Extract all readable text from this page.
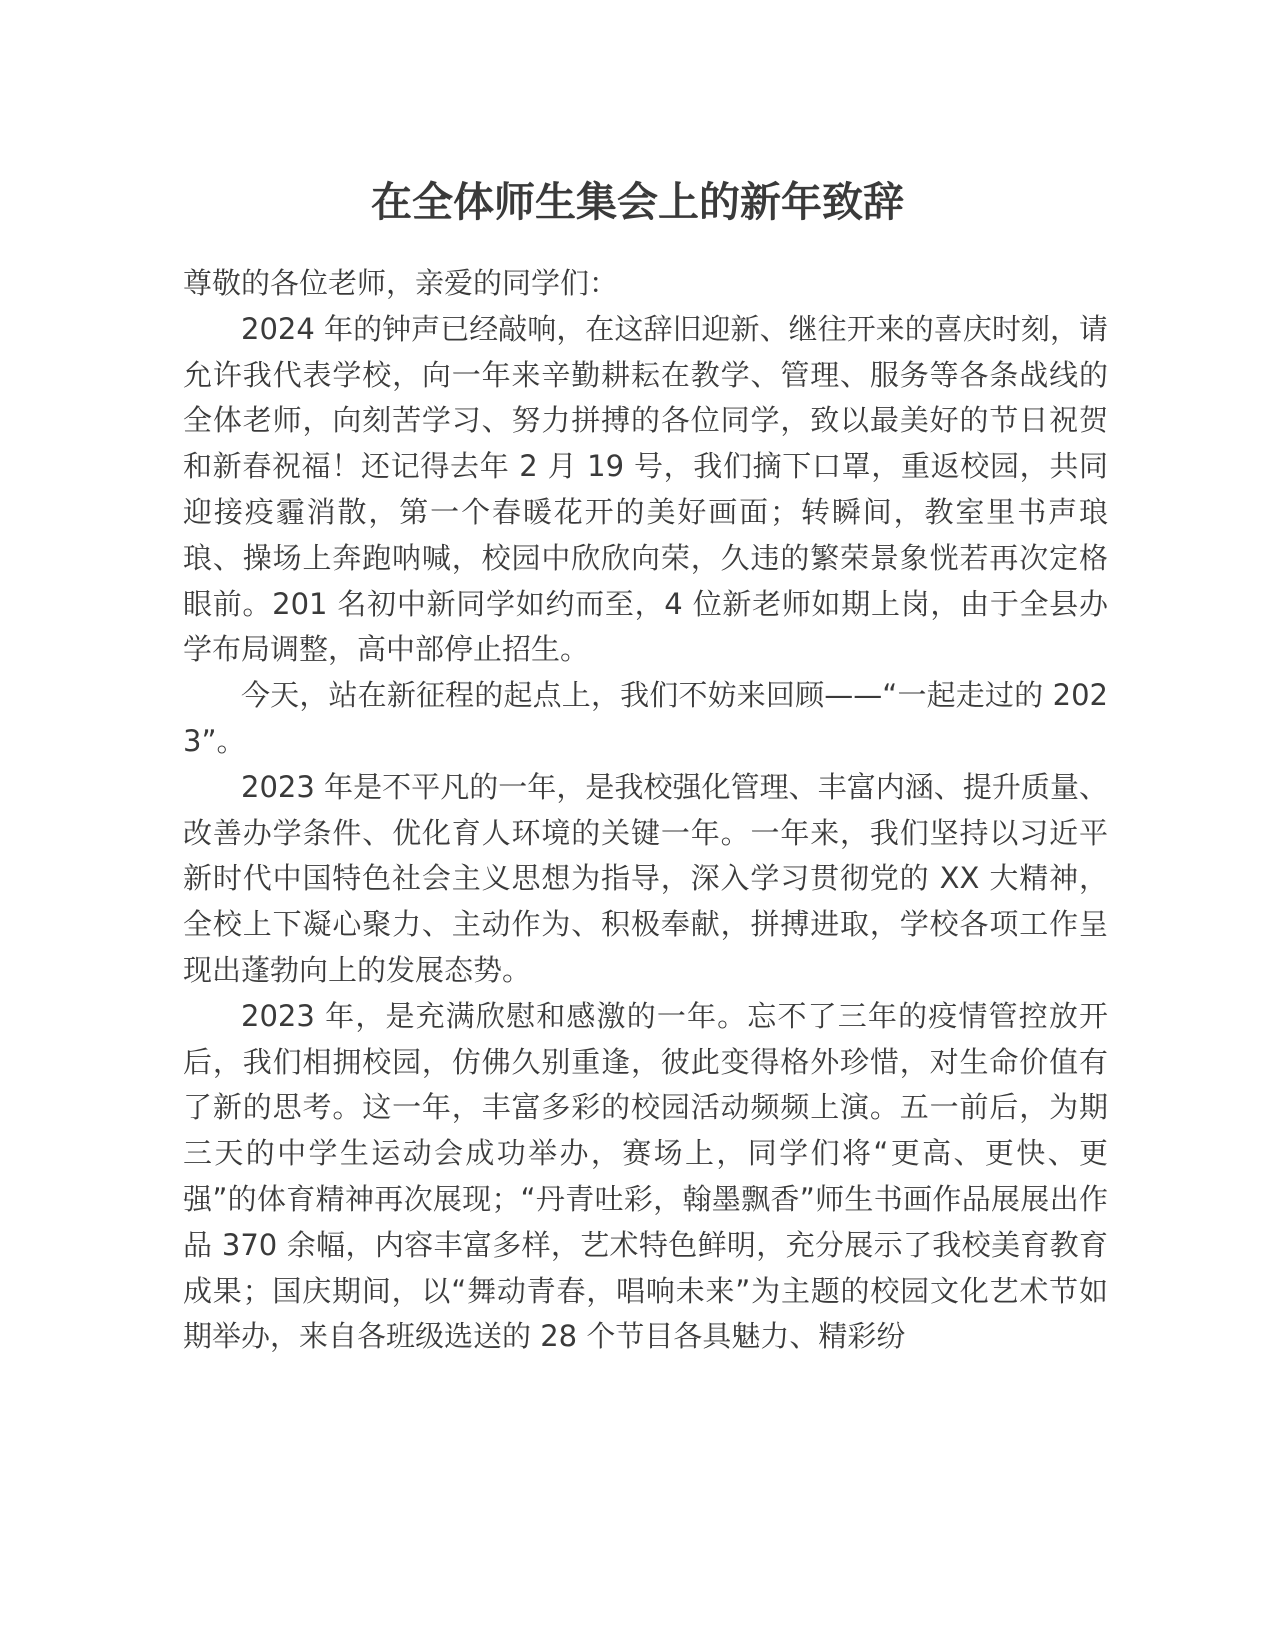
在全体师生集会上的新年致辞

尊敬的各位老师，亲爱的同学们：

2024 年的钟声已经敲响，在这辞旧迎新、继往开来的喜庆时刻，请允许我代表学校，向一年来辛勤耕耘在教学、管理、服务等各条战线的全体老师，向刻苦学习、努力拼搏的各位同学，致以最美好的节日祝贺和新春祝福！还记得去年 2 月 19 号，我们摘下口罩，重返校园，共同迎接疫霾消散，第一个春暖花开的美好画面；转瞬间，教室里书声琅琅、操场上奔跑呐喊，校园中欣欣向荣，久违的繁荣景象恍若再次定格眼前。201 名初中新同学如约而至，4 位新老师如期上岗，由于全县办学布局调整，高中部停止招生。

今天，站在新征程的起点上，我们不妨来回顾——“一起走过的 2023”。

2023 年是不平凡的一年，是我校强化管理、丰富内涵、提升质量、改善办学条件、优化育人环境的关键一年。一年来，我们坚持以习近平新时代中国特色社会主义思想为指导，深入学习贯彻党的 XX 大精神，全校上下凝心聚力、主动作为、积极奉献，拼搏进取，学校各项工作呈现出蓬勃向上的发展态势。

2023 年，是充满欣慰和感激的一年。忘不了三年的疫情管控放开后，我们相拥校园，仿佛久别重逢，彼此变得格外珍惜，对生命价值有了新的思考。这一年，丰富多彩的校园活动频频上演。五一前后，为期三天的中学生运动会成功举办，赛场上，同学们将“更高、更快、更强”的体育精神再次展现；“丹青吐彩，翰墨飘香”师生书画作品展展出作品 370 余幅，内容丰富多样，艺术特色鲜明，充分展示了我校美育教育成果；国庆期间，以“舞动青春，唱响未来”为主题的校园文化艺术节如期举办，来自各班级选送的 28 个节目各具魅力、精彩纷
